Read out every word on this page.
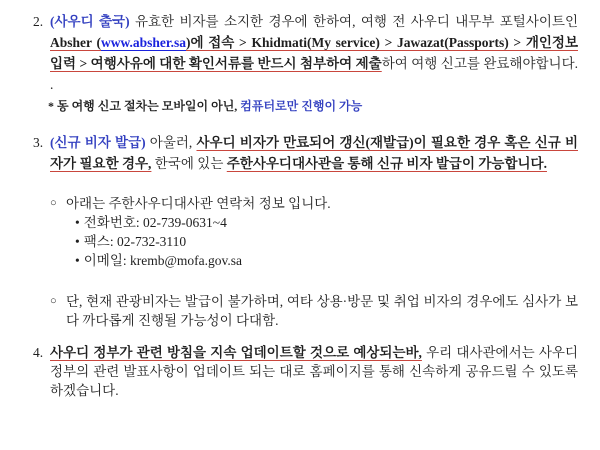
2. (사우디 출국) 유효한 비자를 소지한 경우에 한하여, 여행 전 사우디 내무부 포털사이트인 Absher (www.absher.sa)에 접속 > Khidmati(My service) > Jawazat(Passports) > 개인정보입력 > 여행사유에 대한 확인서류를 반드시 첨부하여 제출하여 여행 신고를 완료해야합니다. .
* 동 여행 신고 절차는 모바일이 아닌, 컴퓨터로만 진행이 가능
3. (신규 비자 발급) 아울러, 사우디 비자가 만료되어 갱신(재발급)이 필요한 경우 혹은 신규 비자가 필요한 경우, 한국에 있는 주한사우디대사관을 통해 신규 비자 발급이 가능합니다.
○ 아래는 주한사우디대사관 연락처 정보 입니다.
• 전화번호: 02-739-0631~4
• 팩스: 02-732-3110
• 이메일: kremb@mofa.gov.sa
○ 단, 현재 관광비자는 발급이 불가하며, 여타 상용·방문 및 취업 비자의 경우에도 심사가 보다 까다롭게 진행될 가능성이 다대함.
4. 사우디 정부가 관련 방침을 지속 업데이트할 것으로 예상되는바, 우리 대사관에서는 사우디 정부의 관련 발표사항이 업데이트 되는 대로 홈페이지를 통해 신속하게 공유드릴 수 있도록 하겠습니다.
